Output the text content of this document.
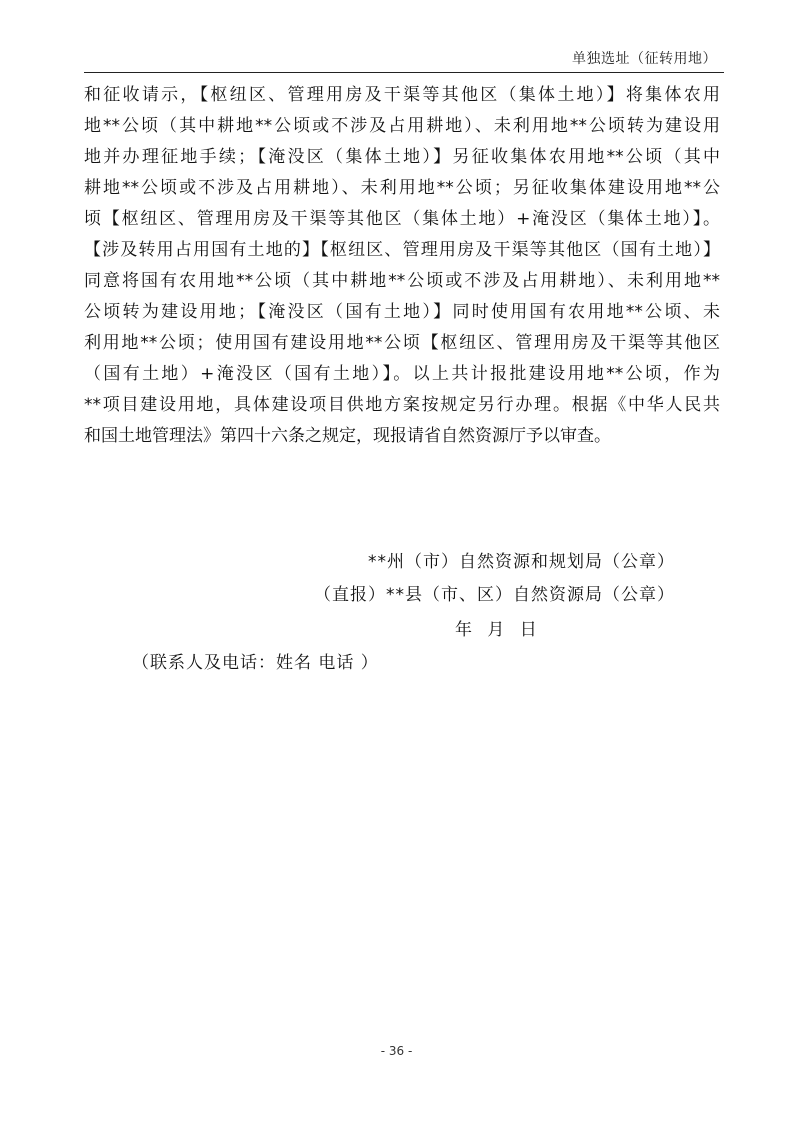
单独选址（征转用地）
和征收请示，【枢纽区、管理用房及干渠等其他区（集体土地）】将集体农用
地**公顷（其中耕地**公顷或不涉及占用耕地）、未利用地**公顷转为建设用
地并办理征地手续；【淹没区（集体土地）】另征收集体农用地**公顷（其中
耕地**公顷或不涉及占用耕地）、未利用地**公顷；另征收集体建设用地**公
顷【枢纽区、管理用房及干渠等其他区（集体土地）+淹没区（集体土地）】。
【涉及转用占用国有土地的】【枢纽区、管理用房及干渠等其他区（国有土地）】
同意将国有农用地**公顷（其中耕地**公顷或不涉及占用耕地）、未利用地**
公顷转为建设用地；【淹没区（国有土地）】同时使用国有农用地**公顷、未
利用地**公顷；使用国有建设用地**公顷【枢纽区、管理用房及干渠等其他区
（国有土地）+淹没区（国有土地）】。以上共计报批建设用地**公顷，作为
**项目建设用地，具体建设项目供地方案按规定另行办理。根据《中华人民共
和国土地管理法》第四十六条之规定，现报请省自然资源厅予以审查。
**州（市）自然资源和规划局（公章）
（直报）**县（市、区）自然资源局（公章）
年 月 日
（联系人及电话：姓名 电话 ）
- 36 -
